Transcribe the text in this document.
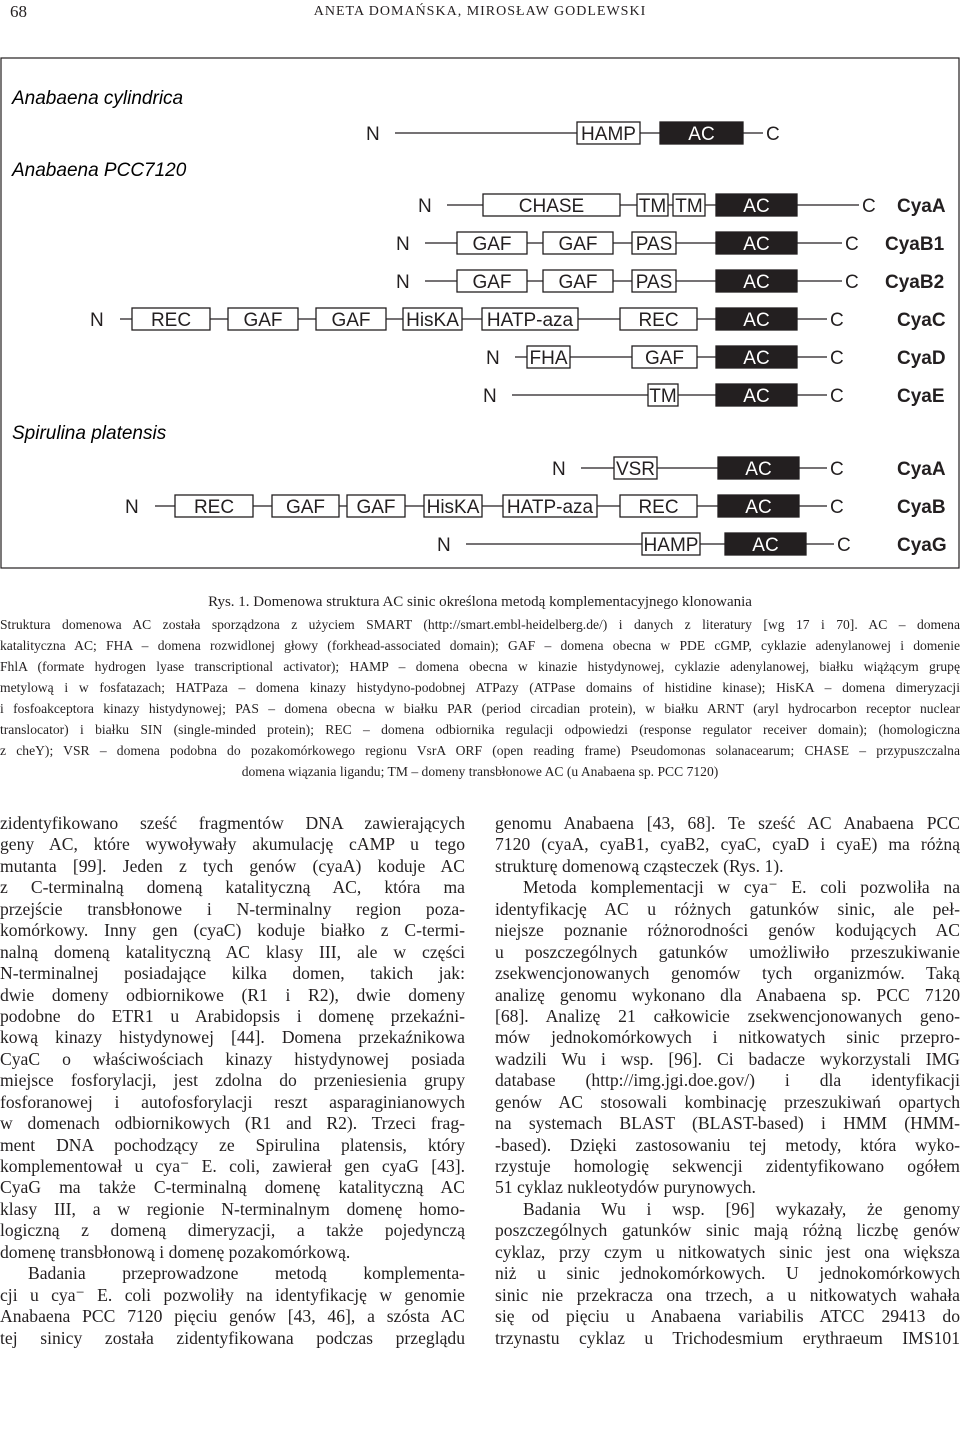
68	ANETA DOMAŃSKA, MIROSŁAW GODLEWSKI
Anabaena cylindrica
Anabaena PCC7120
Spirulina platensis
N	HAMP	AC	C
N	CHASE	TM TM AC	C CyaA
N	GAF GAF PAS	AC	C CyaB1
N	GAF GAF PAS	AC	C CyaB2
N REC	GAF	GAF HisKA HATP-aza	REC	AC	C	CyaC
N FHA	GAF	AC	C	CyaD
N	TM	AC	C	CyaE
N	VSR	AC	C	CyaA
N	REC	GAF GAF HisKA HATP-aza REC	AC	C	CyaB
N	HAMP	AC	C CyaG
Rys. 1. Domenowa struktura AC sinic określona metodą komplementacyjnego klonowania
Struktura domenowa AC została sporządzona z użyciem SMART (http://smart.embl-heidelberg.de/) i danych z literatury [wg 17 i 70]. AC – domena
katalityczna AC; FHA – domena rozwidlonej głowy (forkhead-associated domain); GAF – domena obecna w PDE cGMP, cyklazie adenylanowej i domenie
FhlA (formate hydrogen lyase transcriptional activator); HAMP – domena obecna w kinazie histydynowej, cyklazie adenylanowej, białku wiążącym grupę
metylową i w fosfatazach; HATPaza – domena kinazy histydyno-podobnej ATPazy (ATPase domains of histidine kinase); HisKA – domena dimeryzacji
i fosfoakceptora kinazy histydynowej; PAS – domena obecna w białku PAR (period circadian protein), w białku ARNT (aryl hydrocarbon receptor nuclear
translocator) i białku SIN (single-minded protein); REC – domena odbiornika regulacji odpowiedzi (response regulator receiver domain); (homologiczna
z cheY); VSR – domena podobna do pozakomórkowego regionu VsrA ORF (open reading frame) Pseudomonas solanacearum; CHASE – przypuszczalna
domena wiązania ligandu; TM – domeny transbłonowe AC (u Anabaena sp. PCC 7120)
zidentyfikowano sześć fragmentów DNA zawierających
geny AC, które wywoływały akumulację cAMP u tego
mutanta [99]. Jeden z tych genów (cyaA) koduje AC
z C-terminalną domeną katalityczną AC, która ma
przejście transbłonowe i N-terminalny region poza-
komórkowy. Inny gen (cyaC) koduje białko z C-termi-
nalną domeną katalityczną AC klasy III, ale w części
N-terminalnej posiadające kilka domen, takich jak:
dwie domeny odbiornikowe (R1 i R2), dwie domeny
podobne do ETR1 u Arabidopsis i domenę przekaźni-
kową kinazy histydynowej [44]. Domena przekaźnikowa
CyaC o właściwościach kinazy histydynowej posiada
miejsce fosforylacji, jest zdolna do przeniesienia grupy
fosforanowej i autofosforylacji reszt asparaginianowych
w domenach odbiornikowych (R1 and R2). Trzeci frag-
ment DNA pochodzący ze Spirulina platensis, który
komplementował u cya⁻ E. coli, zawierał gen cyaG [43].
CyaG ma także C-terminalną domenę katalityczną AC
klasy III, a w regionie N-terminalnym domenę homo-
logiczną z domeną dimeryzacji, a także pojedynczą
domenę transbłonową i domenę pozakomórkową.
Badania przeprowadzone metodą komplementa-
cji u cya⁻ E. coli pozwoliły na identyfikację w genomie
Anabaena PCC 7120 pięciu genów [43, 46], a szósta AC
tej sinicy została zidentyfikowana podczas przeglądu
genomu Anabaena [43, 68]. Te sześć AC Anabaena PCC
7120 (cyaA, cyaB1, cyaB2, cyaC, cyaD i cyaE) ma różną
strukturę domenową cząsteczek (Rys. 1).
Metoda komplementacji w cya⁻ E. coli pozwoliła na
identyfikację AC u różnych gatunków sinic, ale peł-
niejsze poznanie różnorodności genów kodujących AC
u poszczególnych gatunków umożliwiło przeszukiwanie
zsekwencjonowanych genomów tych organizmów. Taką
analizę genomu wykonano dla Anabaena sp. PCC 7120
[68]. Analizę 21 całkowicie zsekwencjonowanych geno-
mów jednokomórkowych i nitkowatych sinic przepro-
wadzili Wu i wsp. [96]. Ci badacze wykorzystali IMG
database (http://img.jgi.doe.gov/) i dla identyfikacji
genów AC stosowali kombinację przeszukiwań opartych
na systemach BLAST (BLAST-based) i HMM (HMM-
-based). Dzięki zastosowaniu tej metody, która wyko-
rzystuje homologię sekwencji zidentyfikowano ogółem
51 cyklaz nukleotydów purynowych.
Badania Wu i wsp. [96] wykazały, że genomy
poszczególnych gatunków sinic mają różną liczbę genów
cyklaz, przy czym u nitkowatych sinic jest ona większa
niż u sinic jednokomórkowych. U jednokomórkowych
sinic nie przekracza ona trzech, a u nitkowatych wahała
się od pięciu u Anabaena variabilis ATCC 29413 do
trzynastu cyklaz u Trichodesmium erythraeum IMS101
